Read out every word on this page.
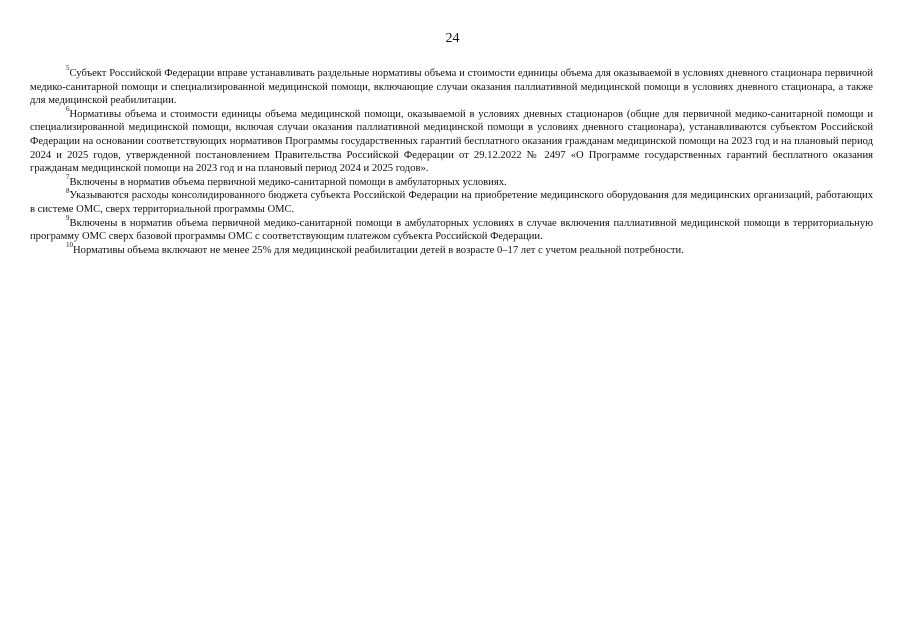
24

$^5$Субъект Российской Федерации вправе устанавливать раздельные нормативы объема и стоимости единицы объема для оказываемой в условиях дневного стационара первичной медико-санитарной помощи и специализированной медицинской помощи, включающие случаи оказания паллиативной медицинской помощи в условиях дневного стационара, а также для медицинской реабилитации.

$^6$Нормативы объема и стоимости единицы объема медицинской помощи, оказываемой в условиях дневных стационаров (общие для первичной медико-санитарной помощи и специализированной медицинской помощи, включая случаи оказания паллиативной медицинской помощи в условиях дневного стационара), устанавливаются субъектом Российской Федерации на основании соответствующих нормативов Программы государственных гарантий бесплатного оказания гражданам медицинской помощи на 2023 год и на плановый период 2024 и 2025 годов, утвержденной постановлением Правительства Российской Федерации от 29.12.2022 № 2497 «О Программе государственных гарантий бесплатного оказания гражданам медицинской помощи на 2023 год и на плановый период 2024 и 2025 годов».

$^7$Включены в норматив объема первичной медико-санитарной помощи в амбулаторных условиях.

$^8$Указываются расходы консолидированного бюджета субъекта Российской Федерации на приобретение медицинского оборудования для медицинских организаций, работающих в системе ОМС, сверх территориальной программы ОМС.

$^9$Включены в норматив объема первичной медико-санитарной помощи в амбулаторных условиях в случае включения паллиативной медицинской помощи в территориальную программу ОМС сверх базовой программы ОМС с соответствующим платежом субъекта Российской Федерации.

$^{10}$Нормативы объема включают не менее 25% для медицинской реабилитации детей в возрасте 0–17 лет с учетом реальной потребности.
